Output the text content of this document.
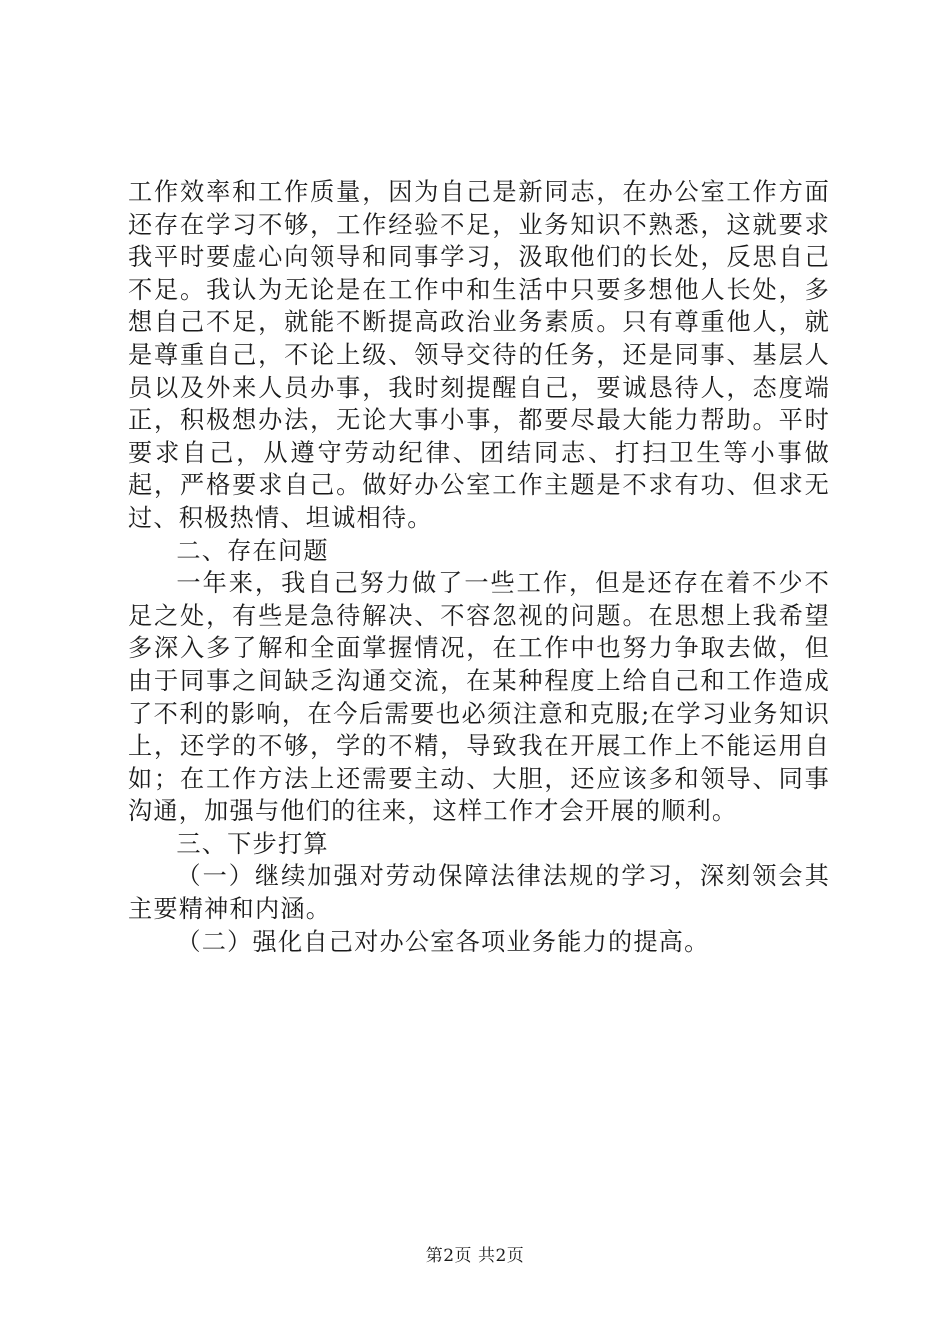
工作效率和工作质量，因为自己是新同志，在办公室工作方面还存在学习不够，工作经验不足，业务知识不熟悉，这就要求我平时要虚心向领导和同事学习，汲取他们的长处，反思自己不足。我认为无论是在工作中和生活中只要多想他人长处，多想自己不足，就能不断提高政治业务素质。只有尊重他人，就是尊重自己，不论上级、领导交待的任务，还是同事、基层人员以及外来人员办事，我时刻提醒自己，要诚恳待人，态度端正，积极想办法，无论大事小事，都要尽最大能力帮助。平时要求自己，从遵守劳动纪律、团结同志、打扫卫生等小事做起，严格要求自己。做好办公室工作主题是不求有功、但求无过、积极热情、坦诚相待。

二、存在问题

一年来，我自己努力做了一些工作，但是还存在着不少不足之处，有些是急待解决、不容忽视的问题。在思想上我希望多深入多了解和全面掌握情况，在工作中也努力争取去做，但由于同事之间缺乏沟通交流，在某种程度上给自己和工作造成了不利的影响，在今后需要也必须注意和克服;在学习业务知识上，还学的不够，学的不精，导致我在开展工作上不能运用自如；在工作方法上还需要主动、大胆，还应该多和领导、同事沟通，加强与他们的往来，这样工作才会开展的顺利。

三、下步打算

（一）继续加强对劳动保障法律法规的学习，深刻领会其主要精神和内涵。

（二）强化自己对办公室各项业务能力的提高。

第2页 共2页
